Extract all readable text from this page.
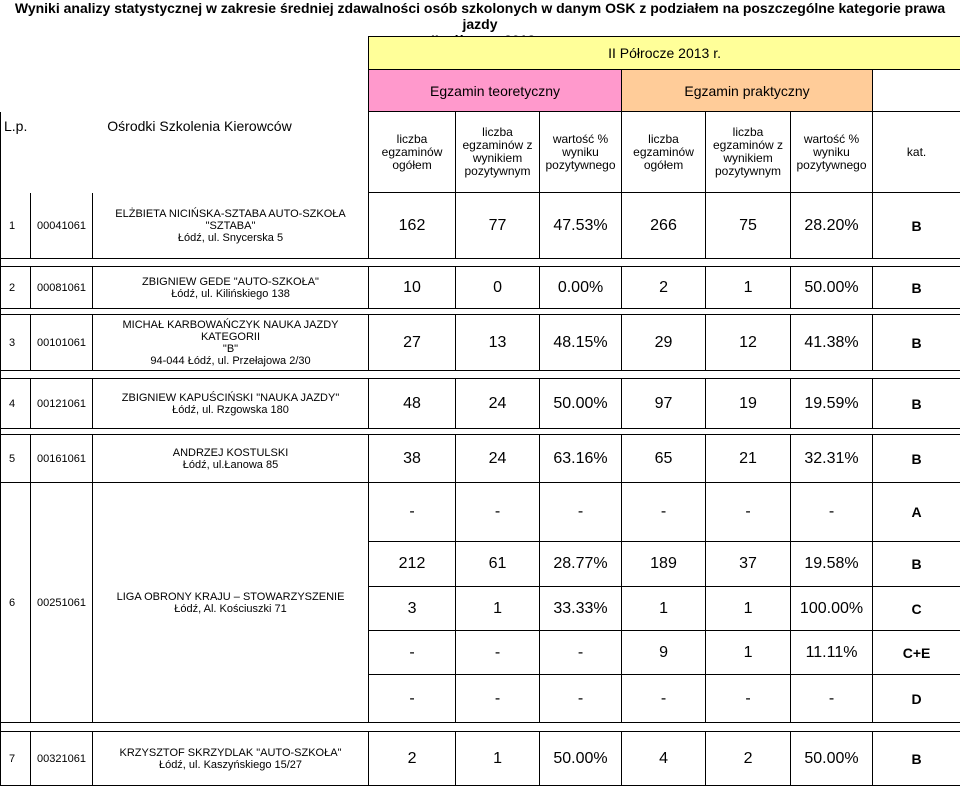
Wyniki analizy statystycznej w zakresie średniej zdawalności osób szkolonych w danym OSK z podziałem na poszczególne kategorie prawa jazdy
			II Półrocze 2013 r.						
			Egzamin teoretyczny			Egzamin praktyczny			
L.p.	Ośrodki Szkolenia Kierowców		liczba egzaminów ogółem	liczba egzaminów z wynikiem pozytywnym	wartość % wyniku pozytywnego	liczba egzaminów ogółem	liczba egzaminów z wynikiem pozytywnym	wartość % wyniku pozytywnego	kat.
1	00041061	ELŻBIETA NICIŃSKA-SZTABA AUTO-SZKOŁA
"SZTABA"
Łódź, ul. Snycerska 5	162	77	47.53%	266	75	28.20%	B

2	00081061	ZBIGNIEW GEDE "AUTO-SZKOŁA"
Łódź, ul. Kilińskiego 138	10	0	0.00%	2	1	50.00%	B

3	00101061	MICHAŁ KARBOWAŃCZYK NAUKA JAZDY KATEGORII
"B"
94-044 Łódź, ul. Przełajowa 2/30	27	13	48.15%	29	12	41.38%	B

4	00121061	ZBIGNIEW KAPUŚCIŃSKI "NAUKA JAZDY"
Łódź, ul. Rzgowska 180	48	24	50.00%	97	19	19.59%	B

5	00161061	ANDRZEJ KOSTULSKI
Łódź, ul.Łanowa 85	38	24	63.16%	65	21	32.31%	B
6	00251061	LIGA OBRONY KRAJU – STOWARZYSZENIE
Łódź, Al. Kościuszki 71	-	-	-	-	-	-	A
			212	61	28.77%	189	37	19.58%	B
			3	1	33.33%	1	1	100.00%	C
			-	-	-	9	1	11.11%	C+E
			-	-	-	-	-	-	D

7	00321061	KRZYSZTOF SKRZYDLAK "AUTO-SZKOŁA"
Łódź, ul. Kaszyńskiego 15/27	2	1	50.00%	4	2	50.00%	B
